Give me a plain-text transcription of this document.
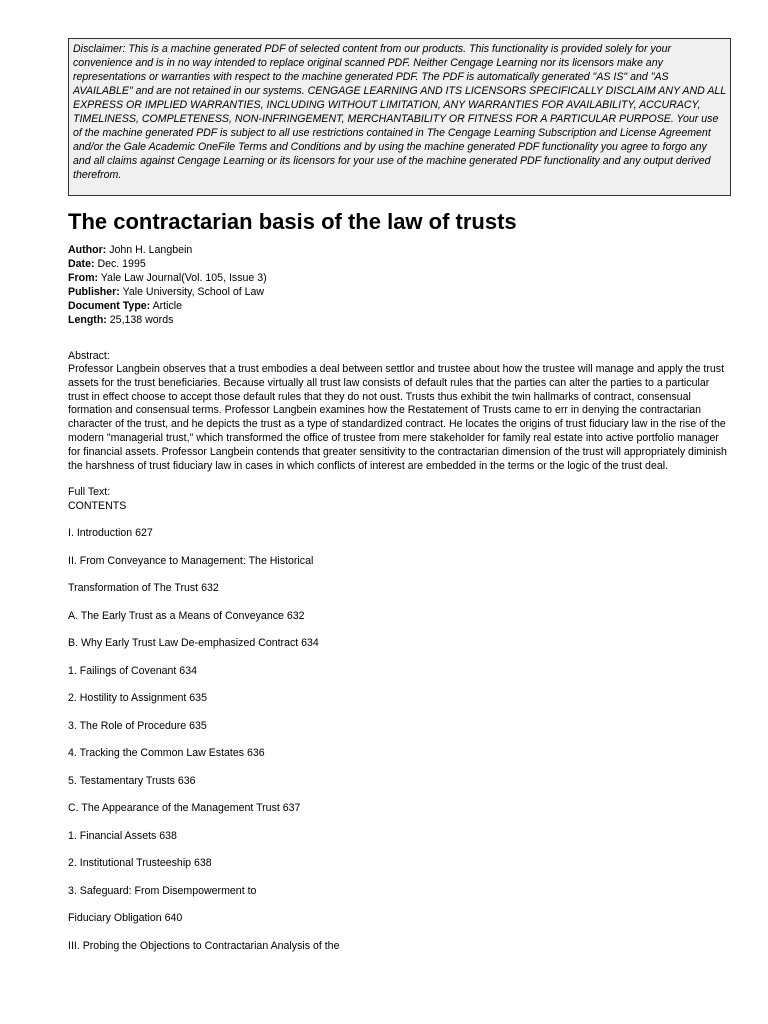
Disclaimer: This is a machine generated PDF of selected content from our products. This functionality is provided solely for your convenience and is in no way intended to replace original scanned PDF. Neither Cengage Learning nor its licensors make any representations or warranties with respect to the machine generated PDF. The PDF is automatically generated "AS IS" and "AS AVAILABLE" and are not retained in our systems. CENGAGE LEARNING AND ITS LICENSORS SPECIFICALLY DISCLAIM ANY AND ALL EXPRESS OR IMPLIED WARRANTIES, INCLUDING WITHOUT LIMITATION, ANY WARRANTIES FOR AVAILABILITY, ACCURACY, TIMELINESS, COMPLETENESS, NON-INFRINGEMENT, MERCHANTABILITY OR FITNESS FOR A PARTICULAR PURPOSE. Your use of the machine generated PDF is subject to all use restrictions contained in The Cengage Learning Subscription and License Agreement and/or the Gale Academic OneFile Terms and Conditions and by using the machine generated PDF functionality you agree to forgo any and all claims against Cengage Learning or its licensors for your use of the machine generated PDF functionality and any output derived therefrom.
The contractarian basis of the law of trusts
Author: John H. Langbein
Date: Dec. 1995
From: Yale Law Journal(Vol. 105, Issue 3)
Publisher: Yale University, School of Law
Document Type: Article
Length: 25,138 words
Abstract:

Professor Langbein observes that a trust embodies a deal between settlor and trustee about how the trustee will manage and apply the trust assets for the trust beneficiaries. Because virtually all trust law consists of default rules that the parties can alter the parties to a particular trust in effect choose to accept those default rules that they do not oust. Trusts thus exhibit the twin hallmarks of contract, consensual formation and consensual terms. Professor Langbein examines how the Restatement of Trusts came to err in denying the contractarian character of the trust, and he depicts the trust as a type of standardized contract. He locates the origins of trust fiduciary law in the rise of the modern "managerial trust," which transformed the office of trustee from mere stakeholder for family real estate into active portfolio manager for financial assets. Professor Langbein contends that greater sensitivity to the contractarian dimension of the trust will appropriately diminish the harshness of trust fiduciary law in cases in which conflicts of interest are embedded in the terms or the logic of the trust deal.

Full Text:
CONTENTS
I. Introduction 627
II. From Conveyance to Management: The Historical
Transformation of The Trust 632
A. The Early Trust as a Means of Conveyance 632
B. Why Early Trust Law De-emphasized Contract 634
1. Failings of Covenant 634
2. Hostility to Assignment 635
3. The Role of Procedure 635
4. Tracking the Common Law Estates 636
5. Testamentary Trusts 636
C. The Appearance of the Management Trust 637
1. Financial Assets 638
2. Institutional Trusteeship 638
3. Safeguard: From Disempowerment to
Fiduciary Obligation 640
III. Probing the Objections to Contractarian Analysis of the
